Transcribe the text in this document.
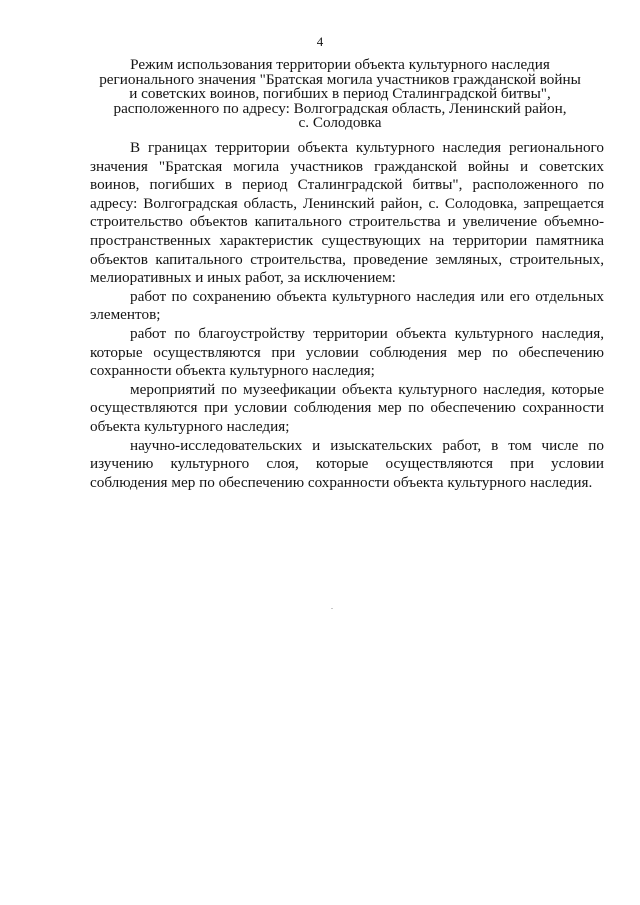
4
Режим использования территории объекта культурного наследия
регионального значения "Братская могила участников гражданской войны
и советских воинов, погибших в период Сталинградской битвы",
расположенного по адресу: Волгоградская область, Ленинский район,
с. Солодовка

В границах территории объекта культурного наследия регионального значения "Братская могила участников гражданской войны и советских воинов, погибших в период Сталинградской битвы", расположенного по адресу: Волгоградская область, Ленинский район, с. Солодовка, запрещается строительство объектов капитального строительства и увеличение объемно-пространственных характеристик существующих на территории памятника объектов капитального строительства, проведение земляных, строительных, мелиоративных и иных работ, за исключением:

работ по сохранению объекта культурного наследия или его отдельных элементов;

работ по благоустройству территории объекта культурного наследия, которые осуществляются при условии соблюдения мер по обеспечению сохранности объекта культурного наследия;

мероприятий по музеефикации объекта культурного наследия, которые осуществляются при условии соблюдения мер по обеспечению сохранности объекта культурного наследия;

научно-исследовательских и изыскательских работ, в том числе по изучению культурного слоя, которые осуществляются при условии соблюдения мер по обеспечению сохранности объекта культурного наследия.
